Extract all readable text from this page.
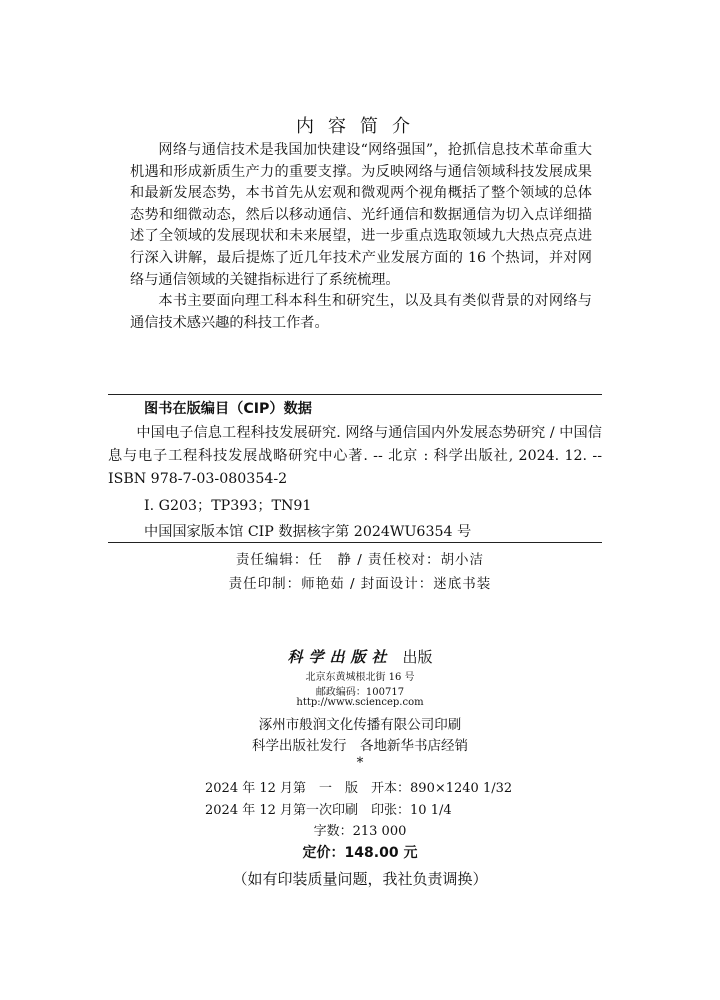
内容简介

网络与通信技术是我国加快建设“网络强国”，抢抓信息技术革命重大机遇和形成新质生产力的重要支撑。为反映网络与通信领域科技发展成果和最新发展态势，本书首先从宏观和微观两个视角概括了整个领域的总体态势和细微动态，然后以移动通信、光纤通信和数据通信为切入点详细描述了全领域的发展现状和未来展望，进一步重点选取领域九大热点亮点进行深入讲解，最后提炼了近几年技术产业发展方面的 16 个热词，并对网络与通信领域的关键指标进行了系统梳理。

本书主要面向理工科本科生和研究生，以及具有类似背景的对网络与通信技术感兴趣的科技工作者。

图书在版编目（CIP）数据
中国电子信息工程科技发展研究. 网络与通信国内外发展态势研究 / 中国信息与电子工程科技发展战略研究中心著. -- 北京 : 科学出版社, 2024. 12. -- ISBN 978-7-03-080354-2
Ⅰ. G203；TP393；TN91
中国国家版本馆 CIP 数据核字第 2024WU6354 号
责任编辑：任　静 / 责任校对：胡小洁
责任印制：师艳茹 / 封面设计：迷底书装
科学出版社 出版
北京东黄城根北街 16 号
邮政编码：100717
http://www.sciencep.com
涿州市般润文化传播有限公司印刷
科学出版社发行　各地新华书店经销
*
2024 年 12 月第　一　版　开本：890×1240 1/32
2024 年 12 月第一次印刷　印张：10 1/4
字数：213 000
定价：148.00 元
（如有印装质量问题，我社负责调换）
